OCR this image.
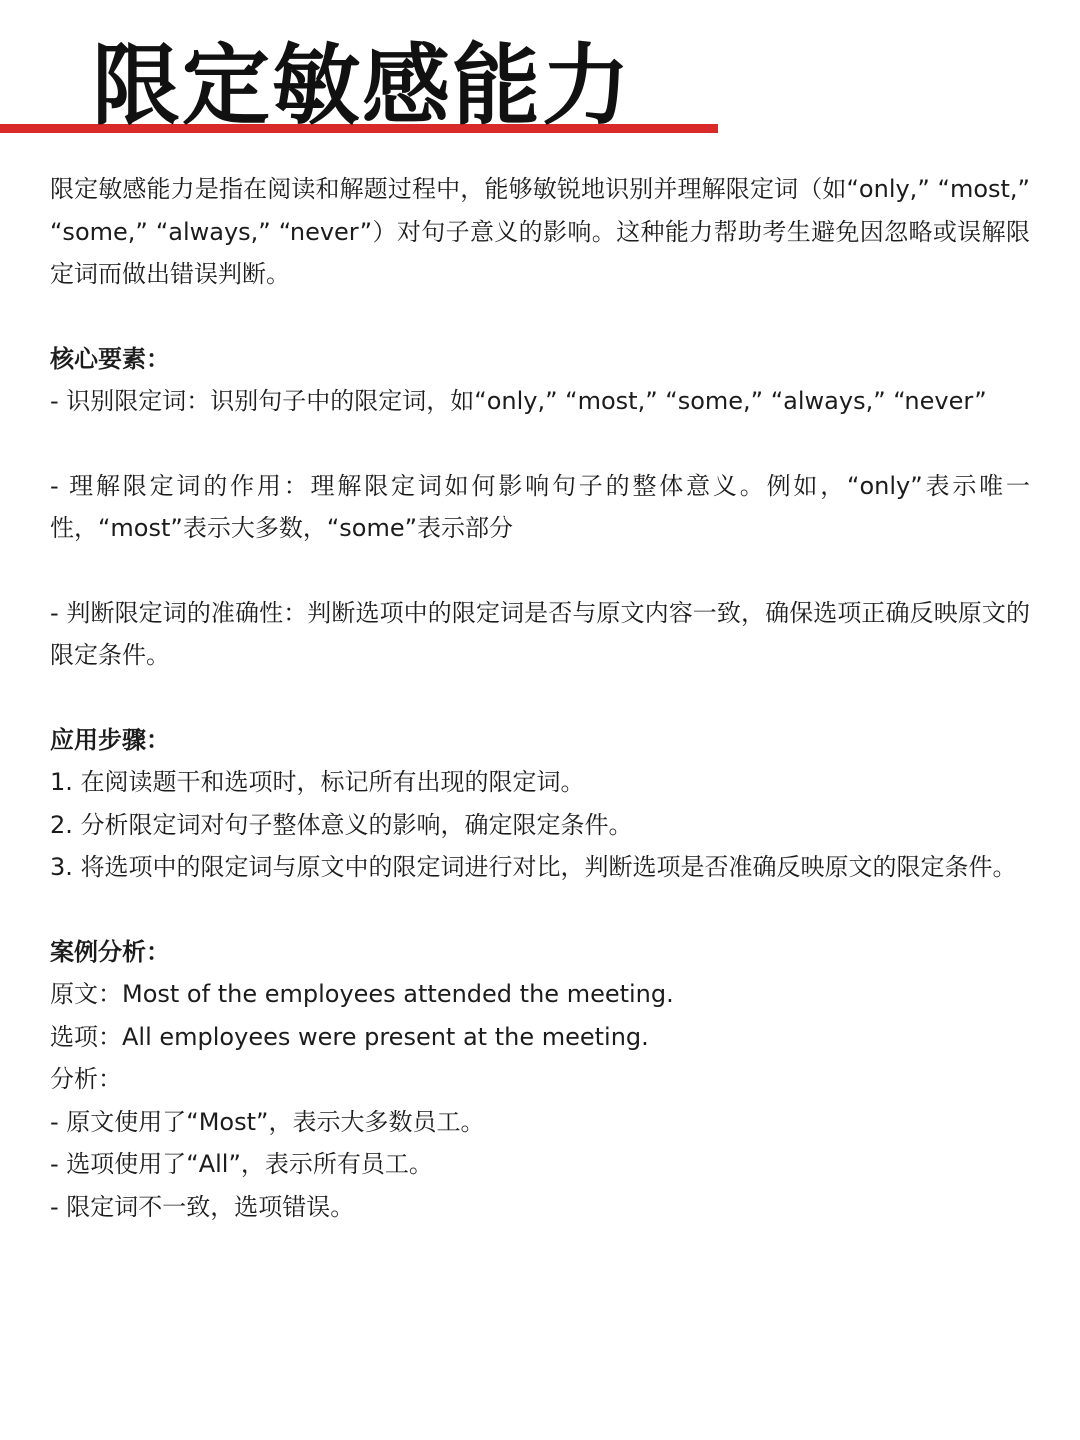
限定敏感能力

限定敏感能力是指在阅读和解题过程中，能够敏锐地识别并理解限定词（如“only,” “most,” “some,” “always,” “never”）对句子意义的影响。这种能力帮助考生避免因忽略或误解限定词而做出错误判断。

核心要素：

- 识别限定词：识别句子中的限定词，如“only,” “most,” “some,” “always,” “never”

- 理解限定词的作用：理解限定词如何影响句子的整体意义。例如，“only”表示唯一性，“most”表示大多数，“some”表示部分

- 判断限定词的准确性：判断选项中的限定词是否与原文内容一致，确保选项正确反映原文的限定条件。

应用步骤：

1. 在阅读题干和选项时，标记所有出现的限定词。

2. 分析限定词对句子整体意义的影响，确定限定条件。

3. 将选项中的限定词与原文中的限定词进行对比，判断选项是否准确反映原文的限定条件。

案例分析：

原文：Most of the employees attended the meeting.

选项：All employees were present at the meeting.

分析：

- 原文使用了“Most”，表示大多数员工。

- 选项使用了“All”，表示所有员工。

- 限定词不一致，选项错误。
